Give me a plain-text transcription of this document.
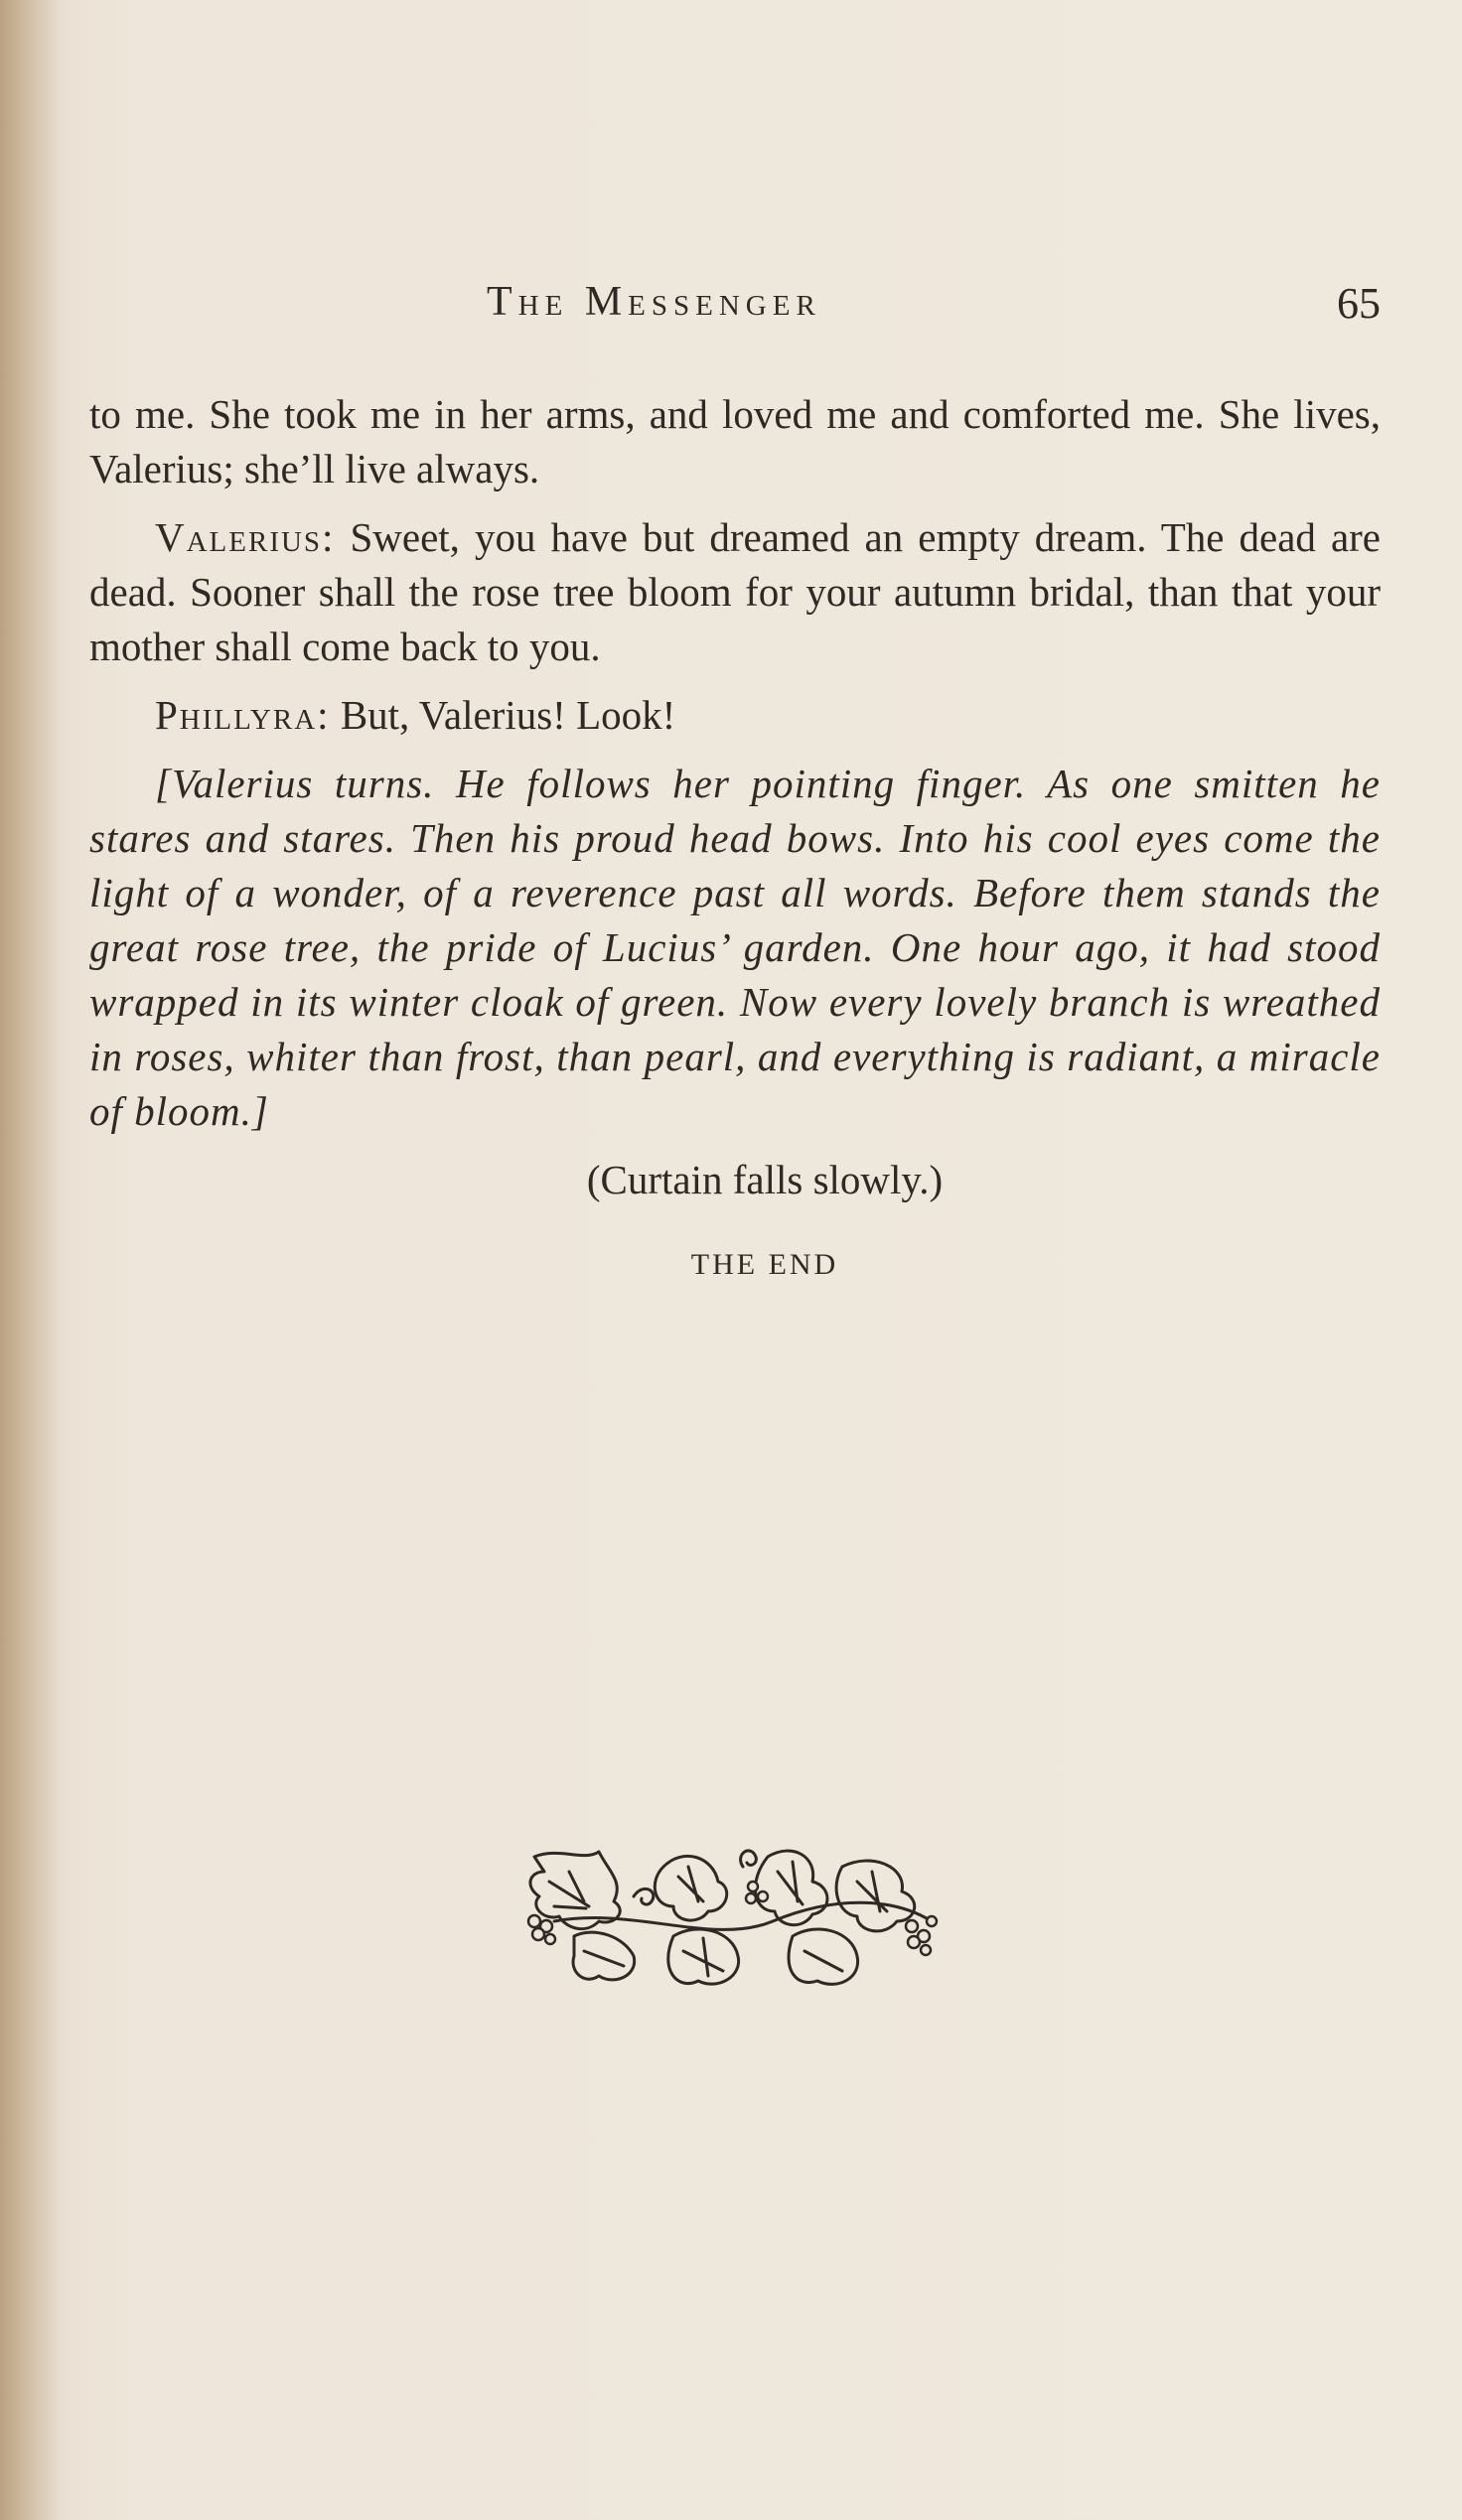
The Messenger	65

to me. She took me in her arms, and loved me and comforted me. She lives, Valerius; she’ll live always.

Valerius: Sweet, you have but dreamed an empty dream. The dead are dead. Sooner shall the rose tree bloom for your autumn bridal, than that your mother shall come back to you.

Phillyra: But, Valerius! Look!

[Valerius turns. He follows her pointing finger. As one smitten he stares and stares. Then his proud head bows. Into his cool eyes come the light of a wonder, of a reverence past all words. Before them stands the great rose tree, the pride of Lucius’ garden. One hour ago, it had stood wrapped in its winter cloak of green. Now every lovely branch is wreathed in roses, whiter than frost, than pearl, and everything is radiant, a miracle of bloom.]

(Curtain falls slowly.)

THE END
